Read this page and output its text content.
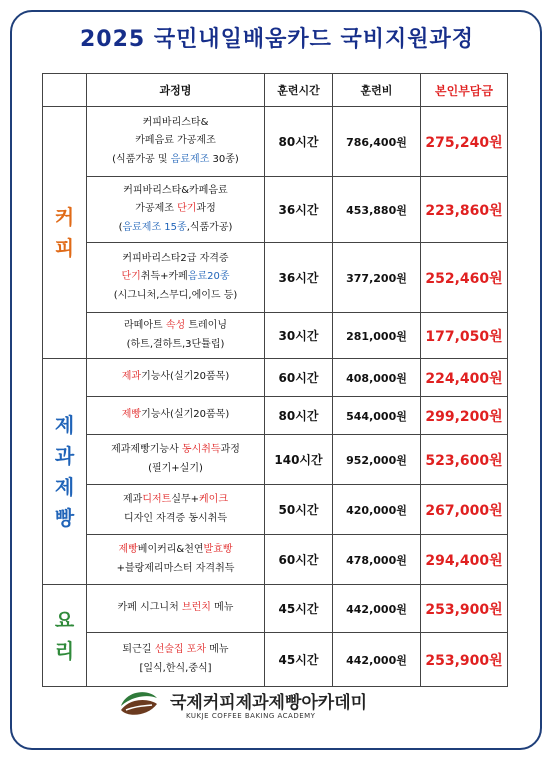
2025 국민내일배움카드 국비지원과정
	과정명	훈련시간	훈련비	본인부담금

커
피	커피바리스타&
카페음료 가공제조
(식품가공 및 음료제조 30종)	80시간	786,400원	275,240원

	커피바리스타&카페음료
가공제조 단기과정
(음료제조 15종,식품가공)	36시간	453,880원	223,860원

	커피바리스타2급 자격증
단기취득+카페음료20종
(시그니처,스무디,에이드 등)	36시간	377,200원	252,460원

	라떼아트 속성 트레이닝
(하트,결하트,3단튤립)	30시간	281,000원	177,050원

제
과
제
빵	제과기능사(실기20품목)	60시간	408,000원	224,400원

	제빵기능사(실기20품목)	80시간	544,000원	299,200원

	제과제빵기능사 동시취득과정
(필기+실기)	140시간	952,000원	523,600원

	제과디저트실무+케이크
디자인 자격증 동시취득	50시간	420,000원	267,000원

	제빵베이커리&천연발효빵
+블랑제리마스터 자격취득	60시간	478,000원	294,400원

요
리	카페 시그니처 브런치 메뉴	45시간	442,000원	253,900원

	퇴근길 선술집 포차 메뉴
[일식,한식,중식]	45시간	442,000원	253,900원
국제커피제과제빵아카데미
KUKJE COFFEE BAKING ACADEMY
